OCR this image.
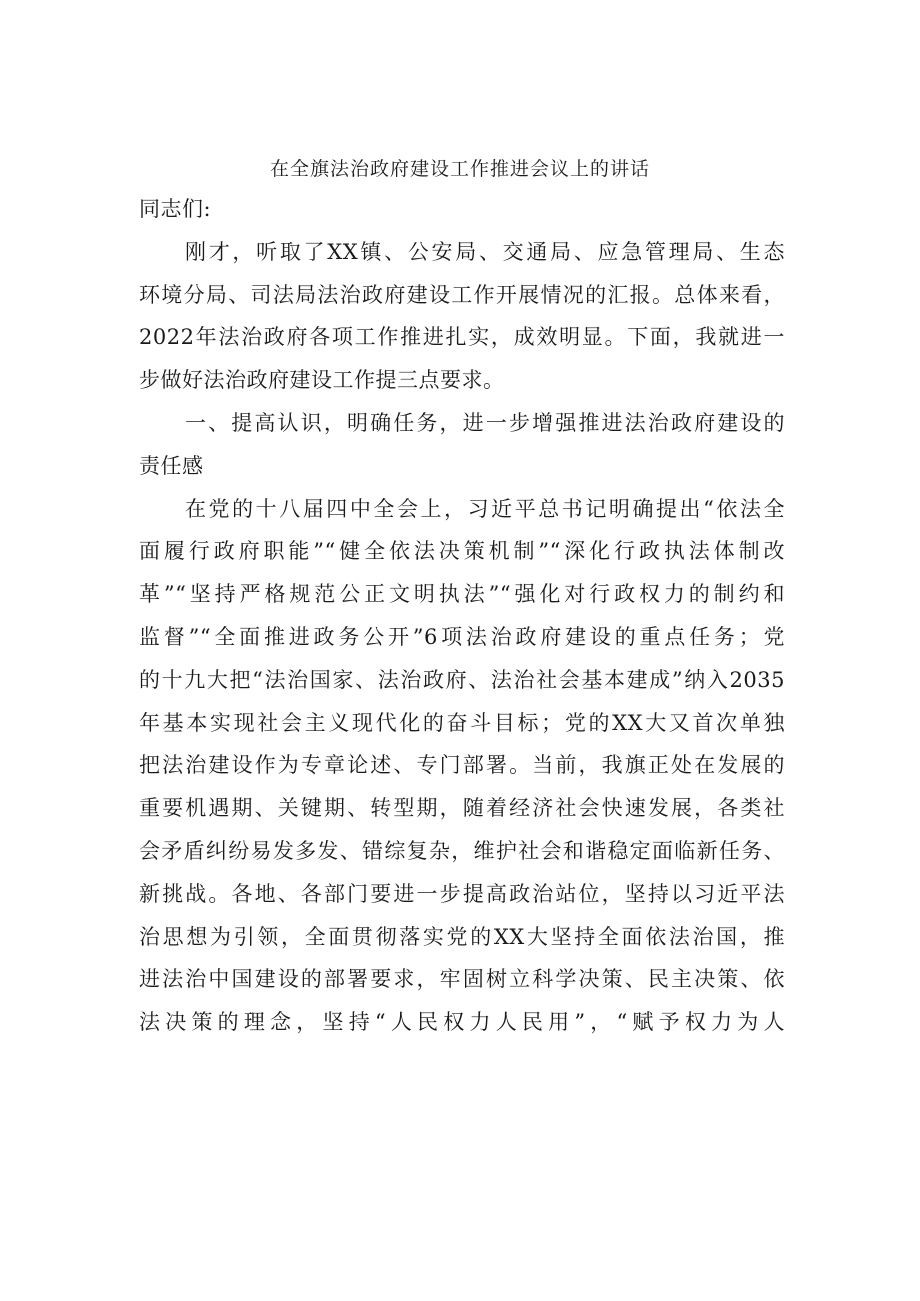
在全旗法治政府建设工作推进会议上的讲话
同志们:
刚才，听取了XX镇、公安局、交通局、应急管理局、生态
环境分局、司法局法治政府建设工作开展情况的汇报。总体来看，
2022年法治政府各项工作推进扎实，成效明显。下面，我就进一
步做好法治政府建设工作提三点要求。
一、提高认识，明确任务，进一步增强推进法治政府建设的
责任感
在党的十八届四中全会上，习近平总书记明确提出“依法全
面履行政府职能”“健全依法决策机制”“深化行政执法体制改
革”“坚持严格规范公正文明执法”“强化对行政权力的制约和
监督”“全面推进政务公开”6项法治政府建设的重点任务；党
的十九大把“法治国家、法治政府、法治社会基本建成”纳入2035
年基本实现社会主义现代化的奋斗目标；党的XX大又首次单独
把法治建设作为专章论述、专门部署。当前，我旗正处在发展的
重要机遇期、关键期、转型期，随着经济社会快速发展，各类社
会矛盾纠纷易发多发、错综复杂，维护社会和谐稳定面临新任务、
新挑战。各地、各部门要进一步提高政治站位，坚持以习近平法
治思想为引领，全面贯彻落实党的XX大坚持全面依法治国，推
进法治中国建设的部署要求，牢固树立科学决策、民主决策、依
法决策的理念，坚持“人民权力人民用”，“赋予权力为人
